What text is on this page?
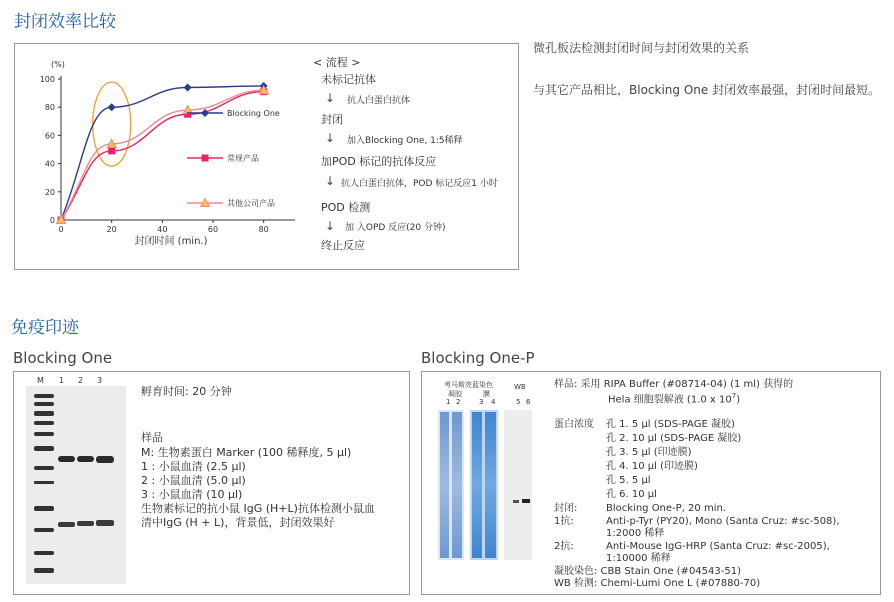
封闭效率比较
0
20
40
60
80
100
0	20	40	60	80
(%)
封闭时间 (min.)
Blocking One
常规产品
其他公司产品
< 流程 >
未标记抗体
↓ 抗人白蛋白抗体
封闭
↓ 加入Blocking One, 1:5稀释
加POD 标记的抗体反应
↓ 抗人白蛋白抗体，POD 标记反应1 小时
POD 检测
↓ 加 入OPD 反应(20 分钟)
终止反应
微孔板法检测封闭时间与封闭效果的关系
与其它产品相比，Blocking One 封闭效率最强，封闭时间最短。
免疫印迹
Blocking One	Blocking One-P
M 1 2 3
孵育时间: 20 分钟
样品
M: 生物素蛋白 Marker (100 稀释度, 5 µl)
1 : 小鼠血清 (2.5 µl)
2 : 小鼠血清 (5.0 µl)
3 : 小鼠血清 (10 µl)
生物素标记的抗小鼠 IgG (H+L)抗体检测小鼠血
清中IgG (H + L)，背景低，封闭效果好
考马斯亮蓝染色
凝胶	膜
WB
1 2	3 4	5 6
样品: 采用 RIPA Buffer (#08714-04) (1 ml) 获得的
Hela 细胞裂解液 (1.0 x $10^7$)
蛋白浓度 孔 1. 5 µl (SDS-PAGE 凝胶)
孔 2. 10 µl (SDS-PAGE 凝胶)
孔 3. 5 µl (印迹膜)
孔 4. 10 µl (印迹膜)
孔 5. 5 µl
孔 6. 10 µl
封闭:	Blocking One-P, 20 min.
1抗:	Anti-p-Tyr (PY20), Mono (Santa Cruz: #sc-508),
1:2000 稀释
2抗:	Anti-Mouse IgG-HRP (Santa Cruz: #sc-2005),
1:10000 稀释
凝胶染色: CBB Stain One (#04543-51)
WB 检测: Chemi-Lumi One L (#07880-70)
